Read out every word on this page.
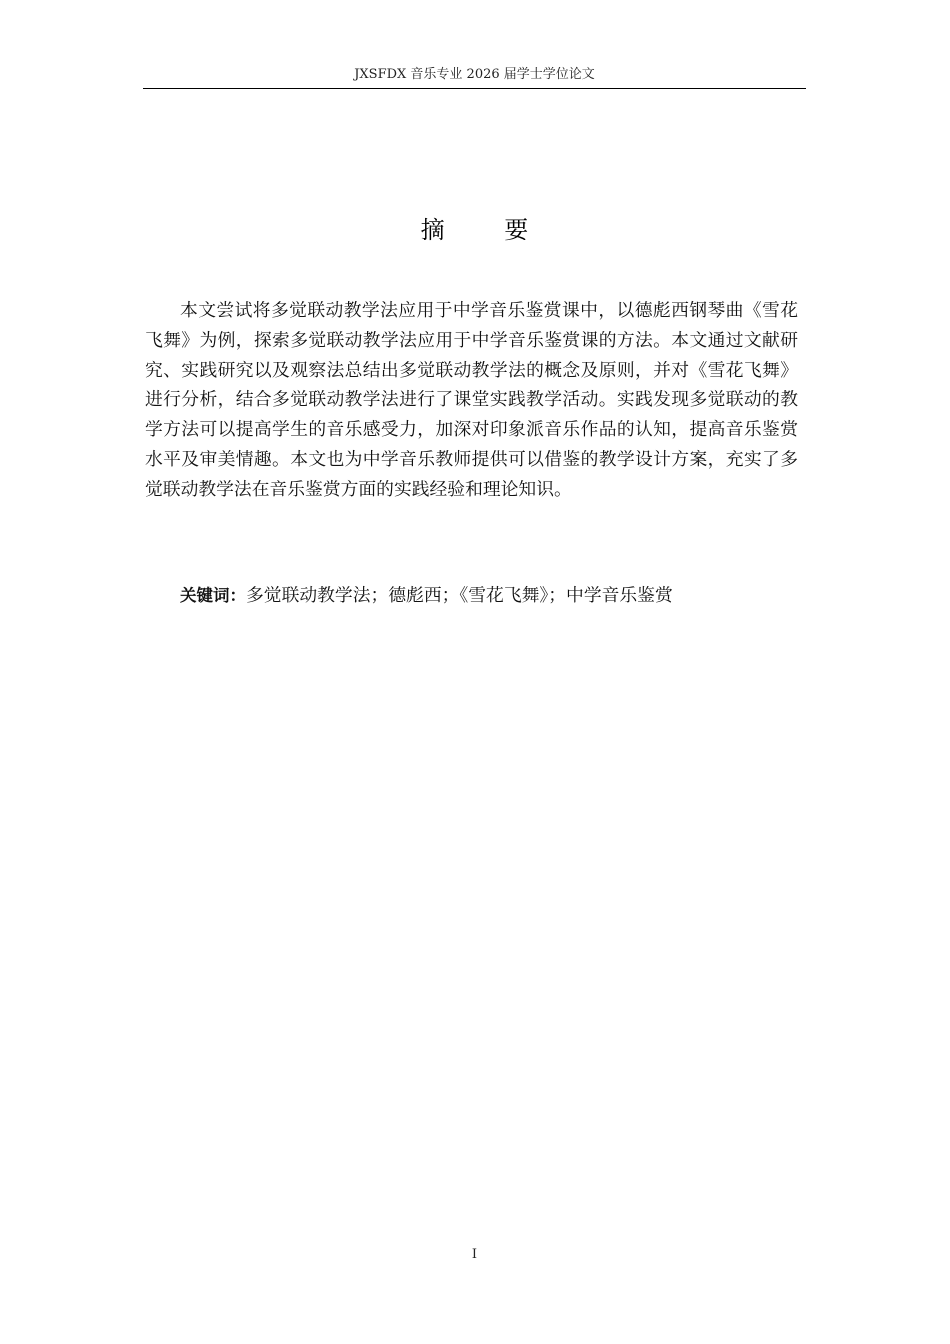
JXSFDX 音乐专业 2026 届学士学位论文
摘 要

本文尝试将多觉联动教学法应用于中学音乐鉴赏课中，以德彪西钢琴曲《雪花飞舞》为例，探索多觉联动教学法应用于中学音乐鉴赏课的方法。本文通过文献研究、实践研究以及观察法总结出多觉联动教学法的概念及原则，并对《雪花飞舞》进行分析，结合多觉联动教学法进行了课堂实践教学活动。实践发现多觉联动的教学方法可以提高学生的音乐感受力，加深对印象派音乐作品的认知，提高音乐鉴赏水平及审美情趣。本文也为中学音乐教师提供可以借鉴的教学设计方案，充实了多觉联动教学法在音乐鉴赏方面的实践经验和理论知识。

关键词：多觉联动教学法；德彪西；《雪花飞舞》；中学音乐鉴赏
I
